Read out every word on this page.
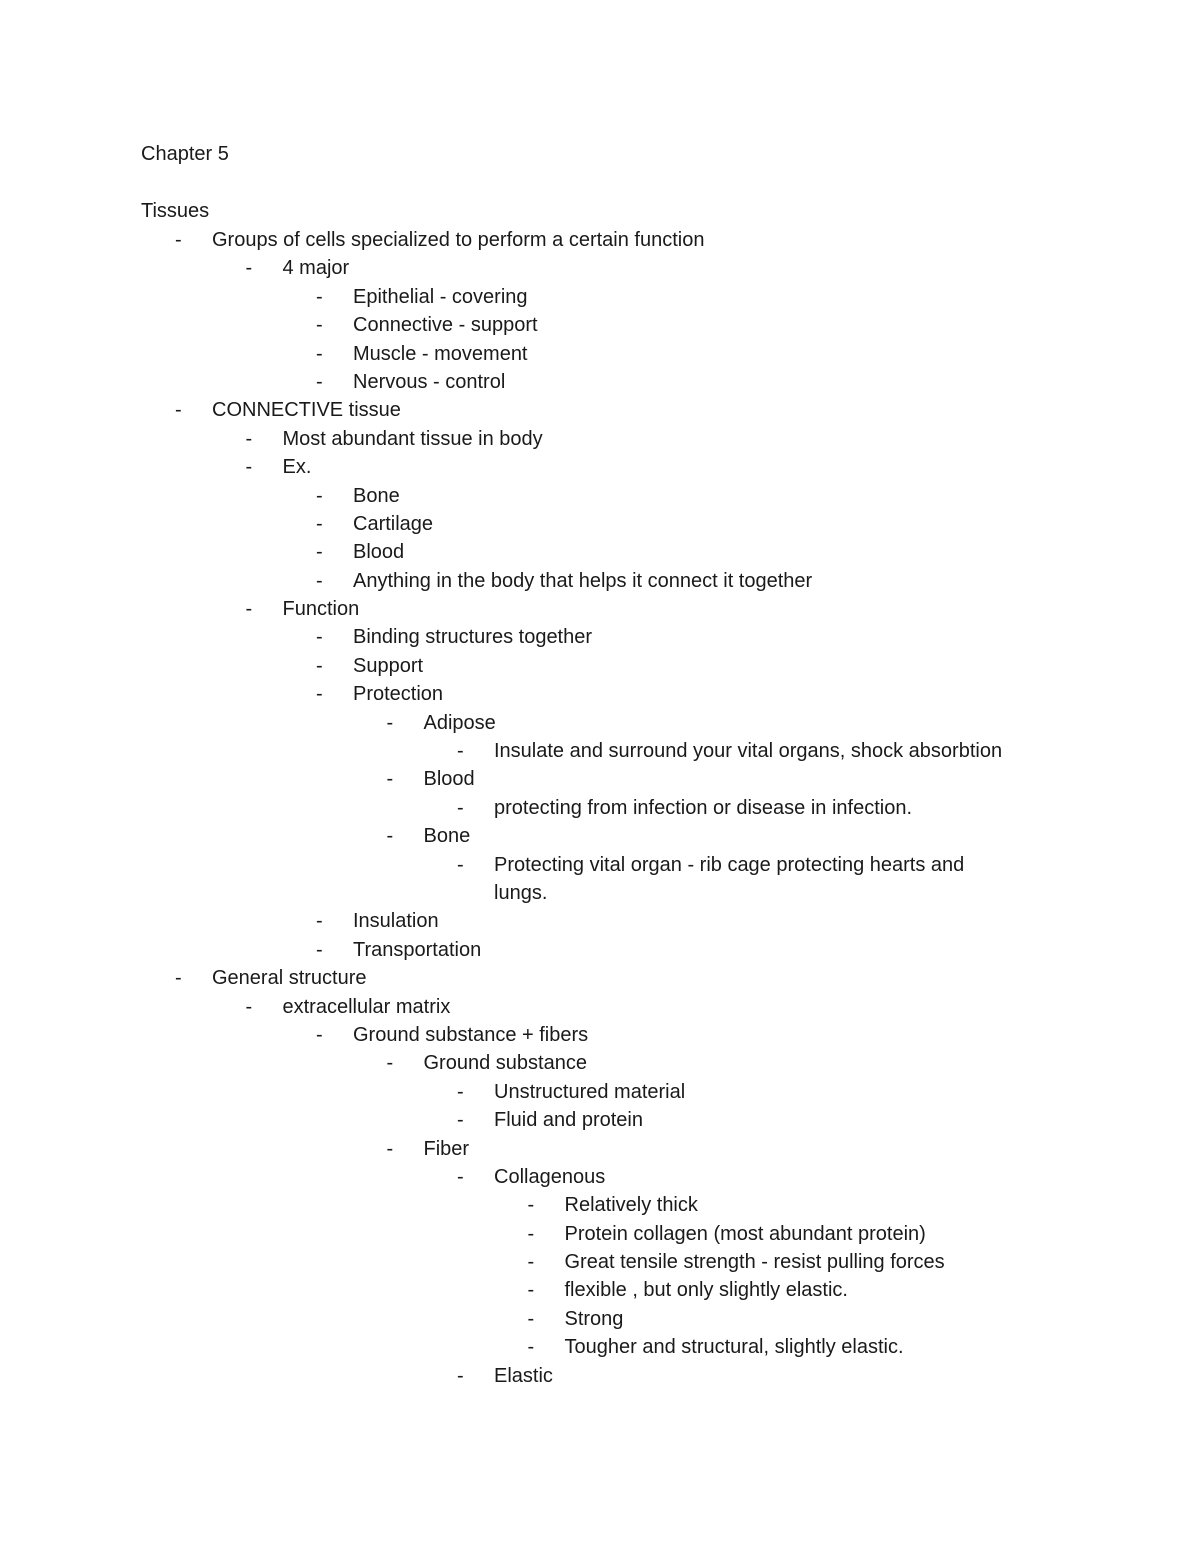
Chapter 5
Tissues
- Groups of cells specialized to perform a certain function
- 4 major
- Epithelial - covering
- Connective - support
- Muscle - movement
- Nervous - control
- CONNECTIVE tissue
- Most abundant tissue in body
- Ex.
- Bone
- Cartilage
- Blood
- Anything in the body that helps it connect it together
- Function
- Binding structures together
- Support
- Protection
- Adipose
- Insulate and surround your vital organs, shock absorbtion
- Blood
- protecting from infection or disease in infection.
- Bone
- Protecting vital organ - rib cage protecting hearts and
lungs.
- Insulation
- Transportation
- General structure
- extracellular matrix
- Ground substance + fibers
- Ground substance
- Unstructured material
- Fluid and protein
- Fiber
- Collagenous
- Relatively thick
- Protein collagen (most abundant protein)
- Great tensile strength - resist pulling forces
- flexible , but only slightly elastic.
- Strong
- Tougher and structural, slightly elastic.
- Elastic
